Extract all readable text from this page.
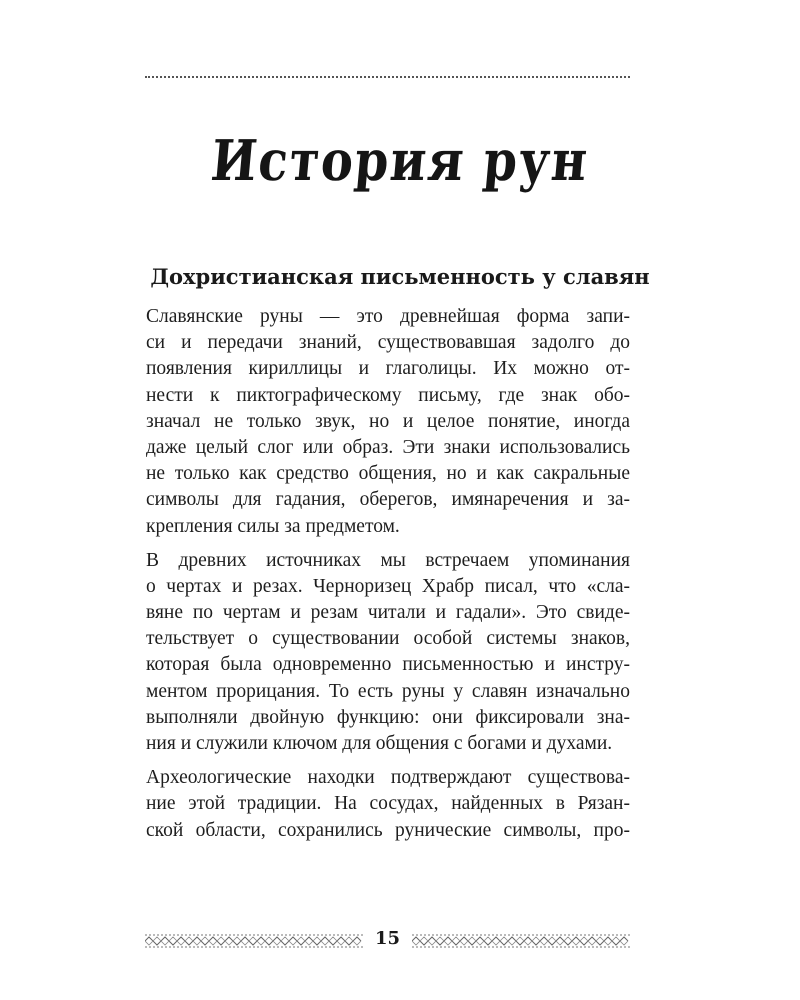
История рун
Дохристианская письменность у славян
Славянские руны — это древнейшая форма запи-
си и передачи знаний, существовавшая задолго до
появления кириллицы и глаголицы. Их можно от-
нести к пиктографическому письму, где знак обо-
значал не только звук, но и целое понятие, иногда
даже целый слог или образ. Эти знаки использовались
не только как средство общения, но и как сакральные
символы для гадания, оберегов, имянаречения и за-
крепления силы за предметом.
В древних источниках мы встречаем упоминания
о чертах и резах. Черноризец Храбр писал, что «сла-
вяне по чертам и резам читали и гадали». Это свиде-
тельствует о существовании особой системы знаков,
которая была одновременно письменностью и инстру-
ментом прорицания. То есть руны у славян изначально
выполняли двойную функцию: они фиксировали зна-
ния и служили ключом для общения с богами и духами.
Археологические находки подтверждают существова-
ние этой традиции. На сосудах, найденных в Рязан-
ской области, сохранились рунические символы, про-
15
